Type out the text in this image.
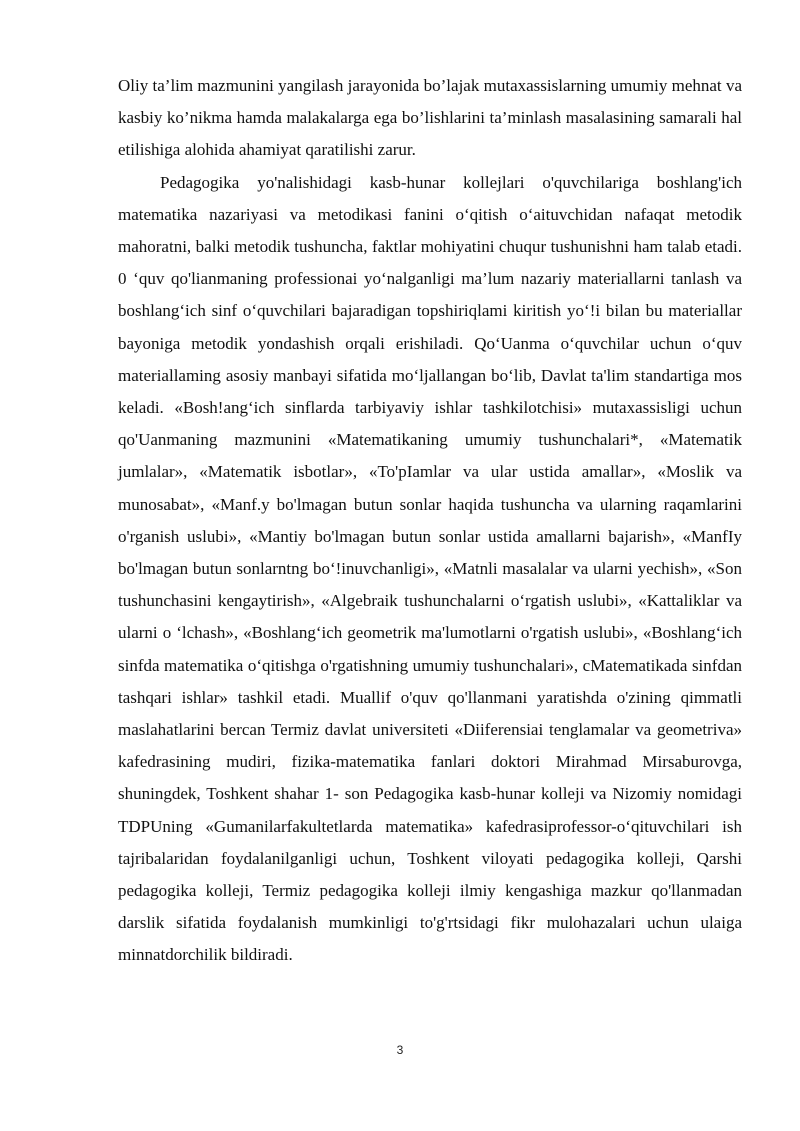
Oliy ta’lim mazmunini yangilash jarayonida bo’lajak mutaxassislarning umumiy mehnat va kasbiy ko’nikma hamda malakalarga ega bo’lishlarini ta’minlash masalasining samarali hal etilishiga alohida ahamiyat qaratilishi zarur.

Pedagogika yo'nalishidagi kasb-hunar kollejlari o'quvchilariga boshlang'ich matematika nazariyasi va metodikasi fanini o‘qitish o‘aituvchidan nafaqat metodik mahoratni, balki metodik tushuncha, faktlar mohiyatini chuqur tushunishni ham talab etadi. 0 ‘quv qo'lianmaning professionai yo‘nalganligi ma’lum nazariy materiallarni tanlash va boshlang‘ich sinf o‘quvchilari bajaradigan topshiriqlami kiritish yo‘!i bilan bu materiallar bayoniga metodik yondashish orqali erishiladi. Qo‘Uanma o‘quvchilar uchun o‘quv materiallaming asosiy manbayi sifatida mo‘ljallangan bo‘lib, Davlat ta'lim standartiga mos keladi. «Bosh!ang‘ich sinflarda tarbiyaviy ishlar tashkilotchisi» mutaxassisligi uchun qo'Uanmaning mazmunini «Matematikaning umumiy tushunchalari*, «Matematik jumlalar», «Matematik isbotlar», «To'pIamlar va ular ustida amallar», «Moslik va munosabat», «Manf.y bo'lmagan butun sonlar haqida tushuncha va ularning raqamlarini o'rganish uslubi», «Mantiy bo'lmagan butun sonlar ustida amallarni bajarish», «ManfIy bo'lmagan butun sonlarntng bo‘!inuvchanligi», «Matnli masalalar va ularni yechish», «Son tushunchasini kengaytirish», «Algebraik tushunchalarni o‘rgatish uslubi», «Kattaliklar va ularni o ‘lchash», «Boshlang‘ich geometrik ma'lumotlarni o'rgatish uslubi», «Boshlang‘ich sinfda matematika o‘qitishga o'rgatishning umumiy tushunchalari», cMatematikada sinfdan tashqari ishlar» tashkil etadi. Muallif o'quv qo'llanmani yaratishda o'zining qimmatli maslahatlarini bercan Termiz davlat universiteti «Diiferensiai tenglamalar va geometriva» kafedrasining mudiri, fizika-matematika fanlari doktori Mirahmad Mirsaburovga, shuningdek, Toshkent shahar 1- son Pedagogika kasb-hunar kolleji va Nizomiy nomidagi TDPUning «Gumanilarfakultetlarda matematika» kafedrasiprofessor-o‘qituvchilari ish tajribalaridan foydalanilganligi uchun, Toshkent viloyati pedagogika kolleji, Qarshi pedagogika kolleji, Termiz pedagogika kolleji ilmiy kengashiga mazkur qo'llanmadan darslik sifatida foydalanish mumkinligi to'g'rtsidagi fikr mulohazalari uchun ulaiga minnatdorchilik bildiradi.

3
